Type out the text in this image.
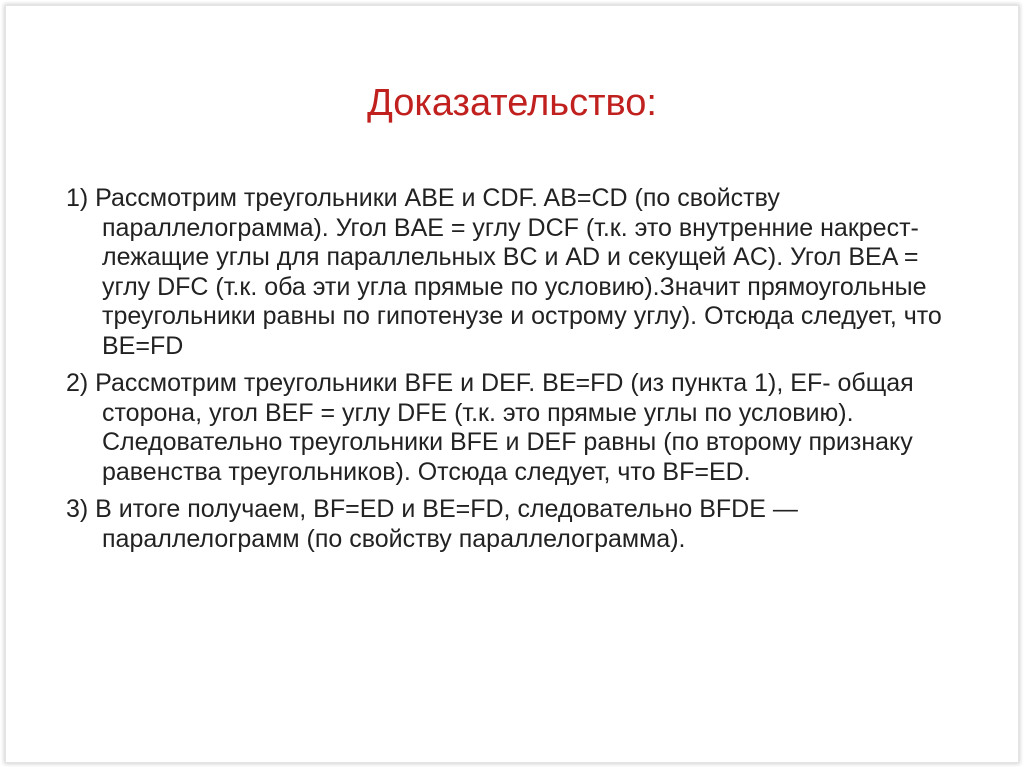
Доказательство:

1) Рассмотрим треугольники ABE и CDF. AB=CD (по свойству параллелограмма). Угол BAE = углу DCF (т.к. это внутренние накрест-лежащие углы для параллельных BC и AD и секущей AC). Угол BEA = углу DFC (т.к. оба эти угла прямые по условию).Значит прямоугольные треугольники равны по гипотенузе и острому углу). Отсюда следует, что BE=FD

2) Рассмотрим треугольники BFE и DEF. BE=FD (из пункта 1), EF- общая сторона, угол BEF = углу DFE (т.к. это прямые углы по условию). Следовательно треугольники BFE и DEF равны (по второму признаку равенства треугольников). Отсюда следует, что BF=ED.

3) В итоге получаем, BF=ED и BE=FD, следовательно BFDE — параллелограмм (по свойству параллелограмма).
